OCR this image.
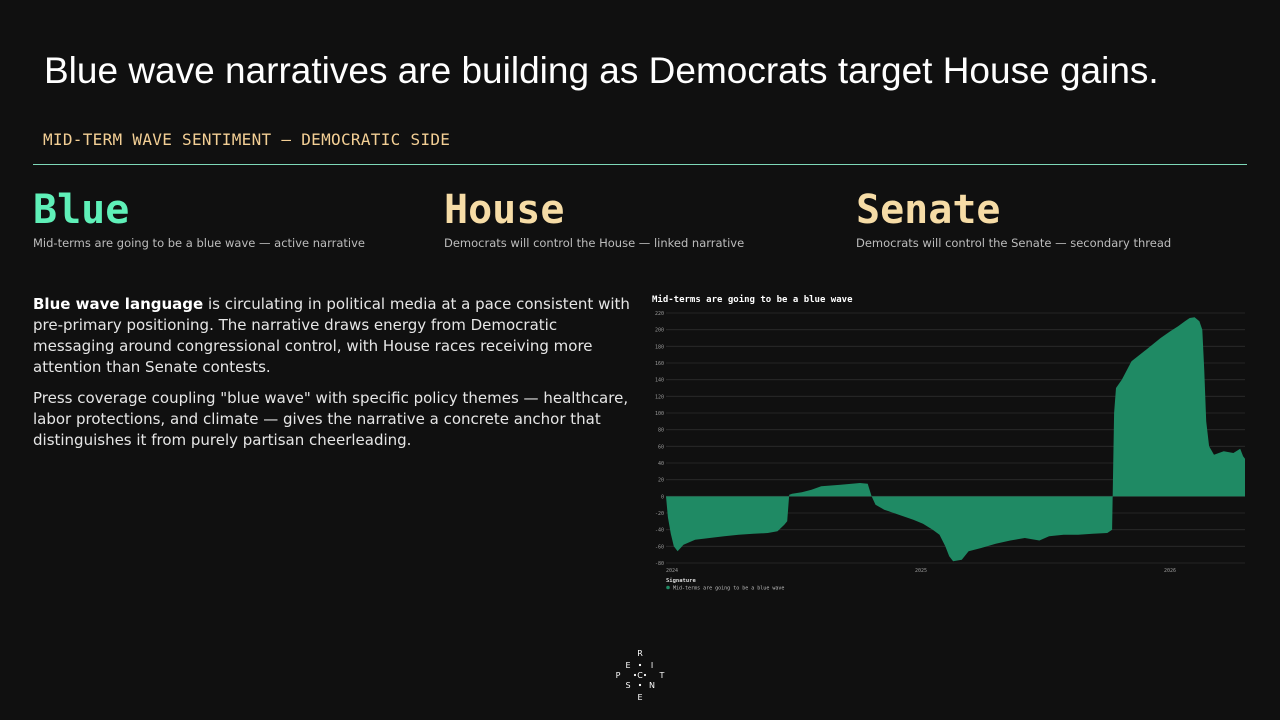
Blue wave narratives are building as Democrats target House gains.
MID-TERM WAVE SENTIMENT — DEMOCRATIC SIDE
Blue
Mid-terms are going to be a blue wave — active narrative
House
Democrats will control the House — linked narrative
Senate
Democrats will control the Senate — secondary thread

Blue wave language is circulating in political media at a pace consistent with pre-primary positioning. The narrative draws energy from Democratic messaging around congressional control, with House races receiving more attention than Senate contests.

Press coverage coupling "blue wave" with specific policy themes — healthcare, labor protections, and climate — gives the narrative a concrete anchor that distinguishes it from purely partisan cheerleading.

Mid-terms are going to be a blue wave
-80
-60
-40
-20
0
20
40
60
80
100
120
140
160
180
200
220
2024	2025	2026
Signature
Mid-terms are going to be a blue wave
R
E	I
P C T
S N
E
